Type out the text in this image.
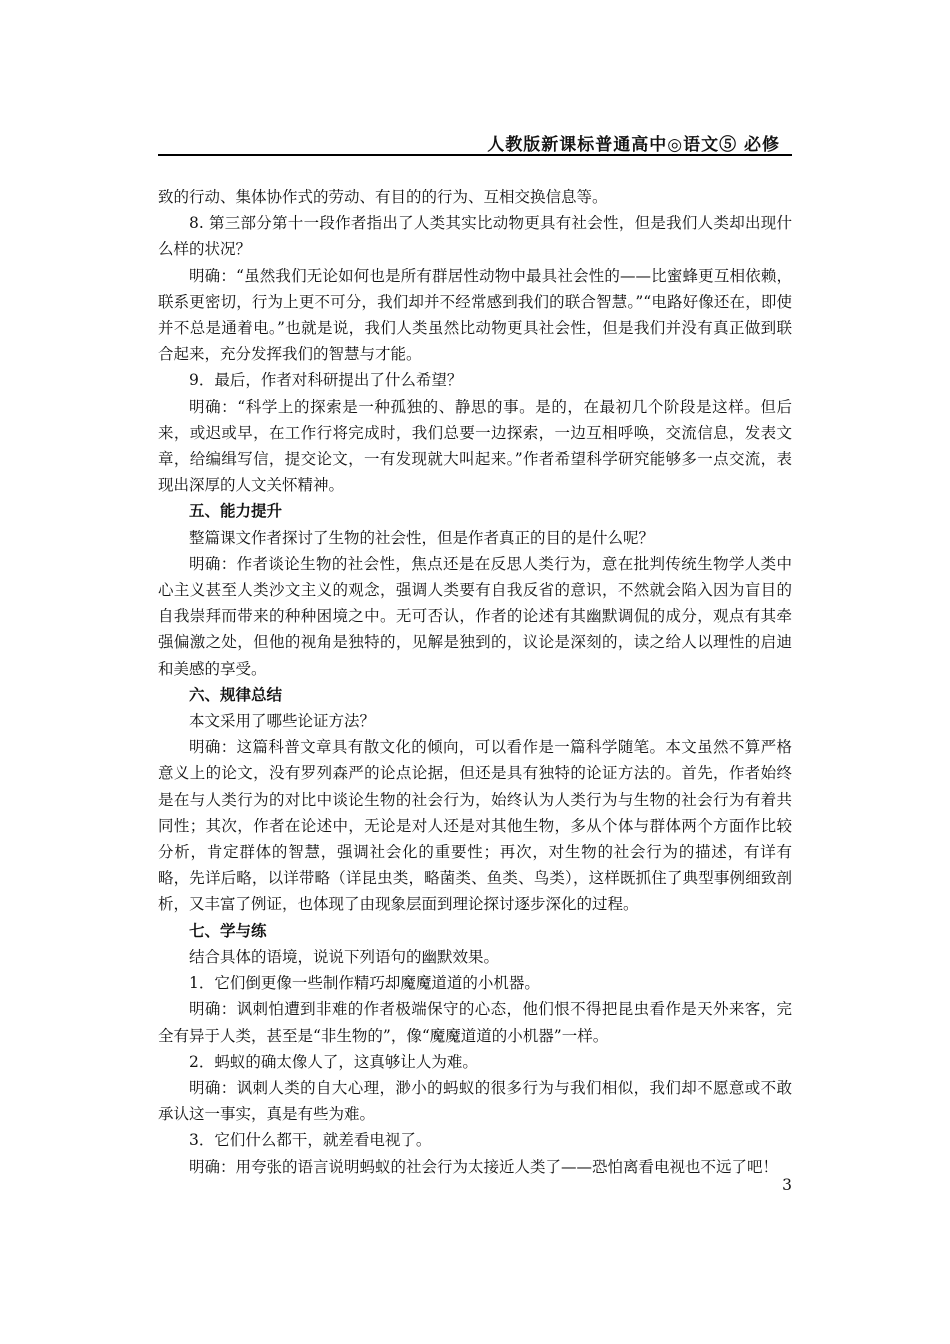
人教版新课标普通高中◎语文⑤ 必修

致的行动、集体协作式的劳动、有目的的行为、互相交换信息等。

8. 第三部分第十一段作者指出了人类其实比动物更具有社会性，但是我们人类却出现什么样的状况？

明确：“虽然我们无论如何也是所有群居性动物中最具社会性的——比蜜蜂更互相依赖，联系更密切，行为上更不可分，我们却并不经常感到我们的联合智慧。”“电路好像还在，即使并不总是通着电。”也就是说，我们人类虽然比动物更具社会性，但是我们并没有真正做到联合起来，充分发挥我们的智慧与才能。

9．最后，作者对科研提出了什么希望？

明确：“科学上的探索是一种孤独的、静思的事。是的，在最初几个阶段是这样。但后来，或迟或早，在工作行将完成时，我们总要一边探索，一边互相呼唤，交流信息，发表文章，给编缉写信，提交论文，一有发现就大叫起来。”作者希望科学研究能够多一点交流，表现出深厚的人文关怀精神。

五、能力提升

整篇课文作者探讨了生物的社会性，但是作者真正的目的是什么呢？

明确：作者谈论生物的社会性，焦点还是在反思人类行为，意在批判传统生物学人类中心主义甚至人类沙文主义的观念，强调人类要有自我反省的意识，不然就会陷入因为盲目的自我崇拜而带来的种种困境之中。无可否认，作者的论述有其幽默调侃的成分，观点有其牵强偏激之处，但他的视角是独特的，见解是独到的，议论是深刻的，读之给人以理性的启迪和美感的享受。

六、规律总结

本文采用了哪些论证方法？

明确：这篇科普文章具有散文化的倾向，可以看作是一篇科学随笔。本文虽然不算严格意义上的论文，没有罗列森严的论点论据，但还是具有独特的论证方法的。首先，作者始终是在与人类行为的对比中谈论生物的社会行为，始终认为人类行为与生物的社会行为有着共同性；其次，作者在论述中，无论是对人还是对其他生物，多从个体与群体两个方面作比较分析，肯定群体的智慧，强调社会化的重要性；再次，对生物的社会行为的描述，有详有略，先详后略，以详带略（详昆虫类，略菌类、鱼类、鸟类），这样既抓住了典型事例细致剖析，又丰富了例证，也体现了由现象层面到理论探讨逐步深化的过程。

七、学与练

结合具体的语境，说说下列语句的幽默效果。

1．它们倒更像一些制作精巧却魔魔道道的小机器。

明确：讽刺怕遭到非难的作者极端保守的心态，他们恨不得把昆虫看作是天外来客，完全有异于人类，甚至是“非生物的”，像“魔魔道道的小机器”一样。

2．蚂蚁的确太像人了，这真够让人为难。

明确：讽刺人类的自大心理，渺小的蚂蚁的很多行为与我们相似，我们却不愿意或不敢承认这一事实，真是有些为难。

3．它们什么都干，就差看电视了。

明确：用夸张的语言说明蚂蚁的社会行为太接近人类了——恐怕离看电视也不远了吧！

3
